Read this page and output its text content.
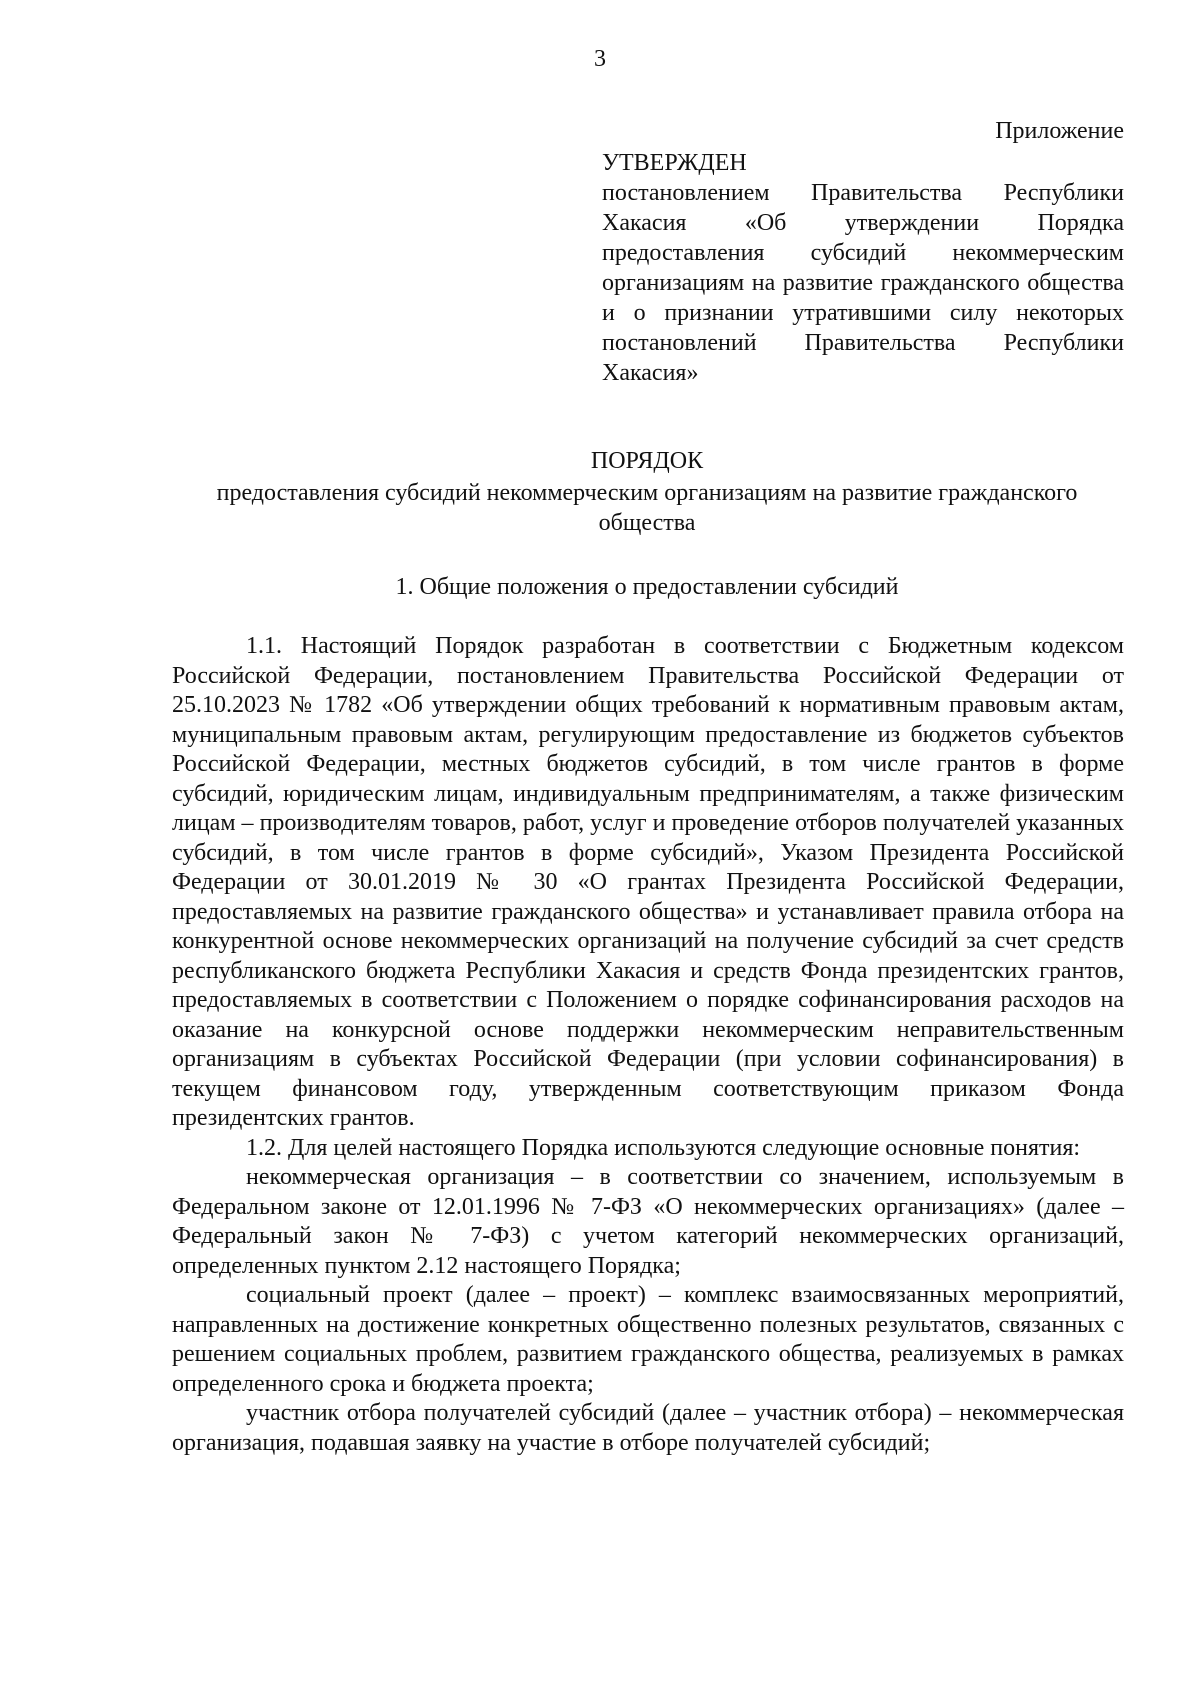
3
Приложение
УТВЕРЖДЕН
постановлением Правительства Республики Хакасия «Об утверждении Порядка предоставления субсидий некоммерческим организациям на развитие гражданского общества и о признании утратившими силу некоторых постановлений Правительства Республики Хакасия»
ПОРЯДОК
предоставления субсидий некоммерческим организациям на развитие гражданского общества
1. Общие положения о предоставлении субсидий

1.1. Настоящий Порядок разработан в соответствии с Бюджетным кодексом Российской Федерации, постановлением Правительства Российской Федерации от 25.10.2023 № 1782 «Об утверждении общих требований к нормативным правовым актам, муниципальным правовым актам, регулирующим предоставление из бюджетов субъектов Российской Федерации, местных бюджетов субсидий, в том числе грантов в форме субсидий, юридическим лицам, индивидуальным предпринимателям, а также физическим лицам – производителям товаров, работ, услуг и проведение отборов получателей указанных субсидий, в том числе грантов в форме субсидий», Указом Президента Российской Федерации от 30.01.2019 № 30 «О грантах Президента Российской Федерации, предоставляемых на развитие гражданского общества» и устанавливает правила отбора на конкурентной основе некоммерческих организаций на получение субсидий за счет средств республиканского бюджета Республики Хакасия и средств Фонда президентских грантов, предоставляемых в соответствии с Положением о порядке софинансирования расходов на оказание на конкурсной основе поддержки некоммерческим неправительственным организациям в субъектах Российской Федерации (при условии софинансирования) в текущем финансовом году, утвержденным соответствующим приказом Фонда президентских грантов.

1.2. Для целей настоящего Порядка используются следующие основные понятия:

некоммерческая организация – в соответствии со значением, используемым в Федеральном законе от 12.01.1996 № 7-ФЗ «О некоммерческих организациях» (далее – Федеральный закон № 7-ФЗ) с учетом категорий некоммерческих организаций, определенных пунктом 2.12 настоящего Порядка;

социальный проект (далее – проект) – комплекс взаимосвязанных мероприятий, направленных на достижение конкретных общественно полезных результатов, связанных с решением социальных проблем, развитием гражданского общества, реализуемых в рамках определенного срока и бюджета проекта;

участник отбора получателей субсидий (далее – участник отбора) – некоммерческая организация, подавшая заявку на участие в отборе получателей субсидий;
